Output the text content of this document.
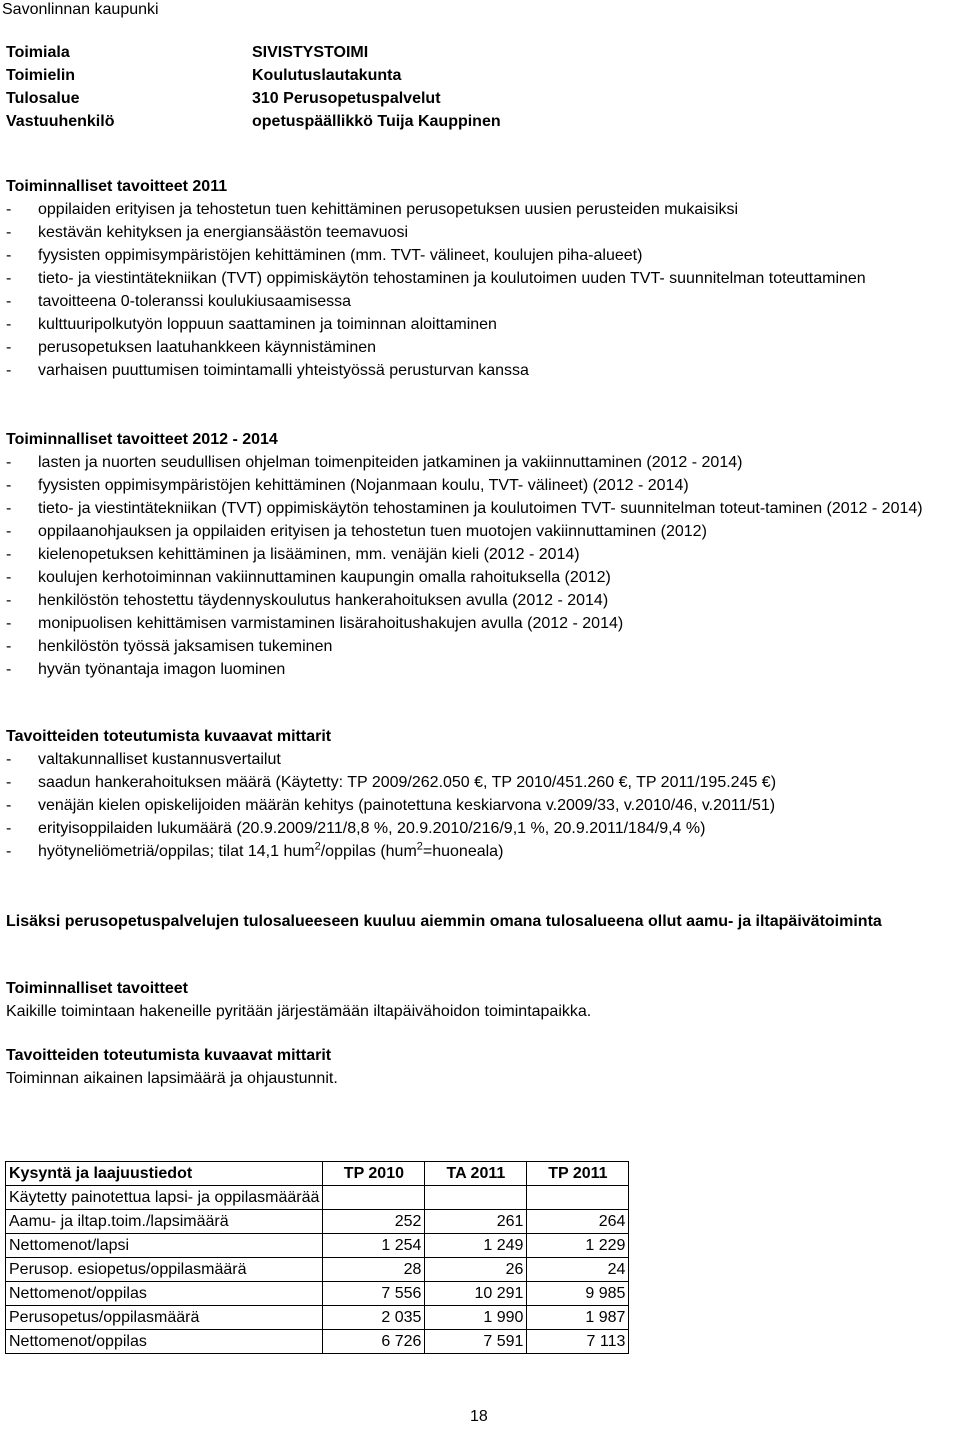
Savonlinnan kaupunki
Toimiala	SIVISTYSTOIMI
Toimielin	Koulutuslautakunta
Tulosalue	310 Perusopetuspalvelut
Vastuuhenkilö	opetuspäällikkö Tuija Kauppinen
Toiminnalliset tavoitteet 2011
- oppilaiden erityisen ja tehostetun tuen kehittäminen perusopetuksen uusien perusteiden mukaisiksi
- kestävän kehityksen ja energiansäästön teemavuosi
- fyysisten oppimisympäristöjen kehittäminen (mm. TVT- välineet, koulujen piha-alueet)
- tieto- ja viestintätekniikan (TVT) oppimiskäytön tehostaminen ja koulutoimen uuden TVT- suunnitelman toteuttaminen
- tavoitteena 0-toleranssi koulukiusaamisessa
- kulttuuripolkutyön loppuun saattaminen ja toiminnan aloittaminen
- perusopetuksen laatuhankkeen käynnistäminen
- varhaisen puuttumisen toimintamalli yhteistyössä perusturvan kanssa
Toiminnalliset tavoitteet 2012 - 2014
- lasten ja nuorten seudullisen ohjelman toimenpiteiden jatkaminen ja vakiinnuttaminen (2012 - 2014)
- fyysisten oppimisympäristöjen kehittäminen (Nojanmaan koulu, TVT- välineet) (2012 - 2014)
- tieto- ja viestintätekniikan (TVT) oppimiskäytön tehostaminen ja koulutoimen TVT- suunnitelman toteut-taminen (2012 - 2014)
- oppilaanohjauksen ja oppilaiden erityisen ja tehostetun tuen muotojen vakiinnuttaminen (2012)
- kielenopetuksen kehittäminen ja lisääminen, mm. venäjän kieli (2012 - 2014)
- koulujen kerhotoiminnan vakiinnuttaminen kaupungin omalla rahoituksella (2012)
- henkilöstön tehostettu täydennyskoulutus hankerahoituksen avulla (2012 - 2014)
- monipuolisen kehittämisen varmistaminen lisärahoitushakujen avulla (2012 - 2014)
- henkilöstön työssä jaksamisen tukeminen
- hyvän työnantaja imagon luominen
Tavoitteiden toteutumista kuvaavat mittarit
- valtakunnalliset kustannusvertailut
- saadun hankerahoituksen määrä (Käytetty: TP 2009/262.050 €, TP 2010/451.260 €, TP 2011/195.245 €)
- venäjän kielen opiskelijoiden määrän kehitys (painotettuna keskiarvona v.2009/33, v.2010/46, v.2011/51)
- erityisoppilaiden lukumäärä (20.9.2009/211/8,8 %, 20.9.2010/216/9,1 %, 20.9.2011/184/9,4 %)
- hyötyneliömetriä/oppilas; tilat 14,1 hum$^2$/oppilas (hum$^2$=huoneala)
Lisäksi perusopetuspalvelujen tulosalueeseen kuuluu aiemmin omana tulosalueena ollut aamu- ja iltapäivätoiminta
Toiminnalliset tavoitteet

Kaikille toimintaan hakeneille pyritään järjestämään iltapäivähoidon toimintapaikka.

Tavoitteiden toteutumista kuvaavat mittarit

Toiminnan aikainen lapsimäärä ja ohjaustunnit.

Kysyntä ja laajuustiedot	TP 2010	TA 2011	TP 2011
Käytetty painotettua lapsi- ja oppilasmäärää			
Aamu- ja iltap.toim./lapsimäärä	252	261	264
Nettomenot/lapsi	1 254	1 249	1 229
Perusop. esiopetus/oppilasmäärä	28	26	24
Nettomenot/oppilas	7 556	10 291	9 985
Perusopetus/oppilasmäärä	2 035	1 990	1 987
Nettomenot/oppilas	6 726	7 591	7 113
18
